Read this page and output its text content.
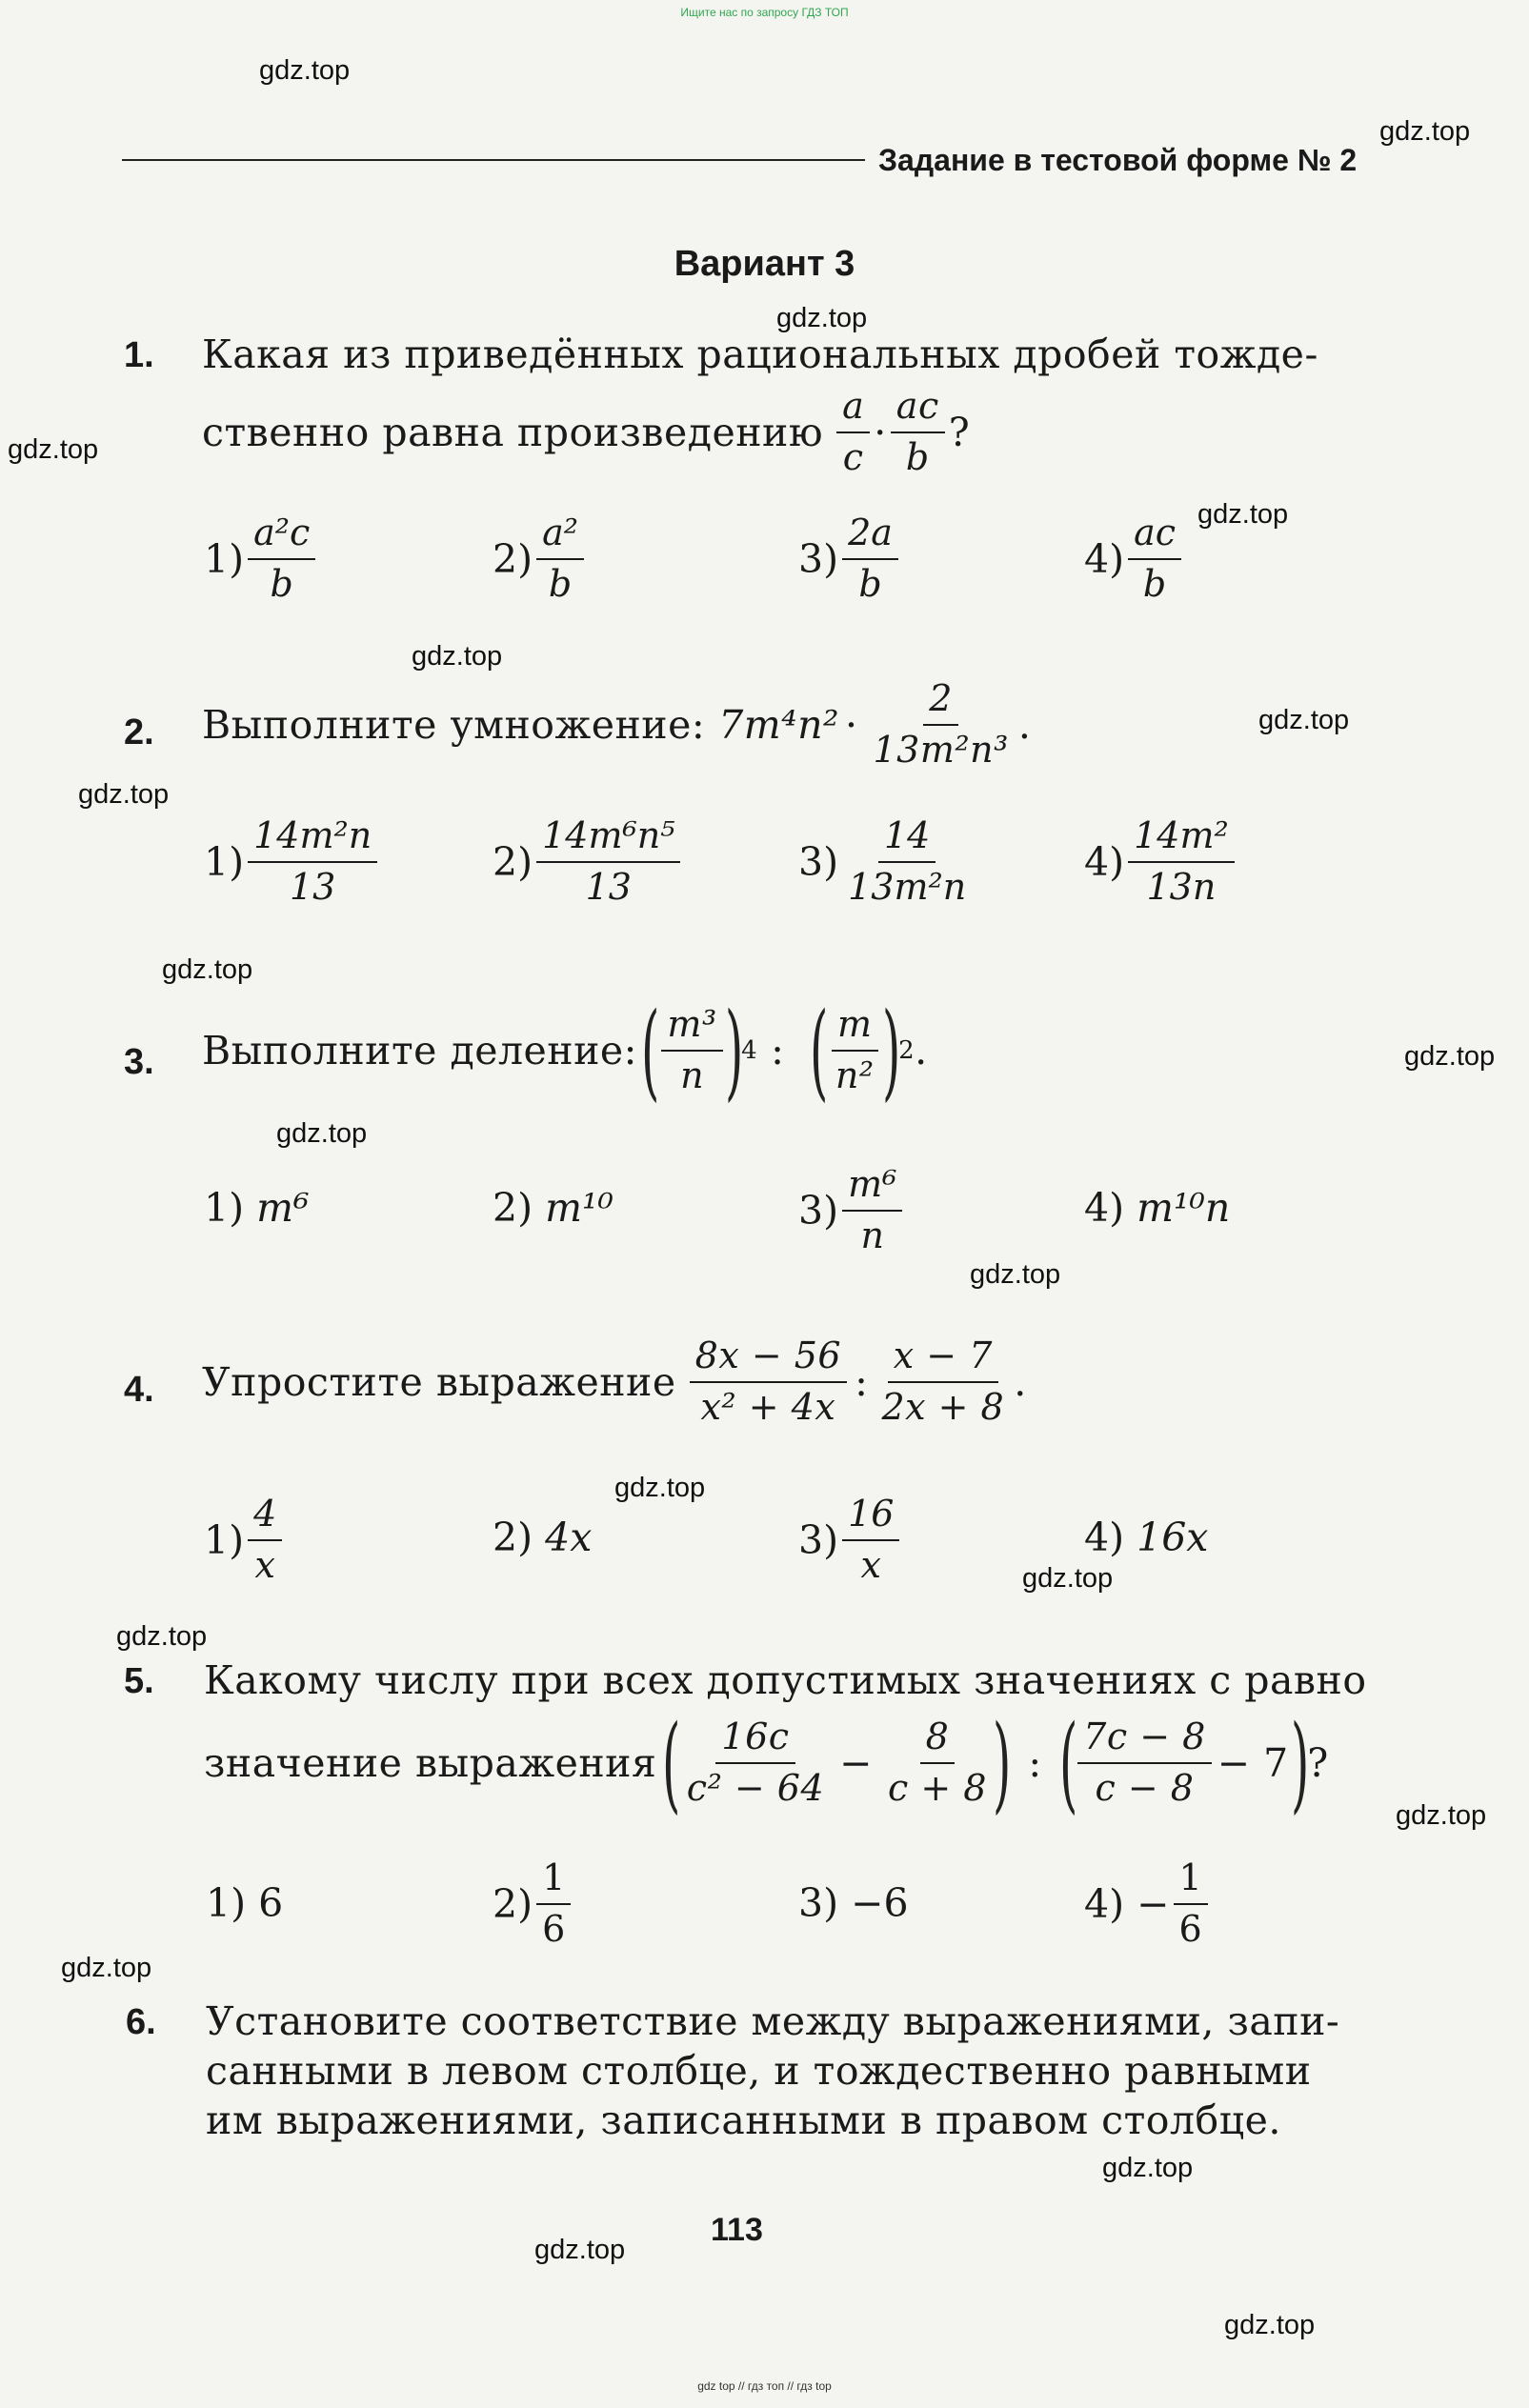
Ищите нас по запросу ГДЗ ТОП
gdz top // гдз топ // гдз top
gdz.top
gdz.top
gdz.top
gdz.top
gdz.top
gdz.top
gdz.top
gdz.top
gdz.top
gdz.top
gdz.top
gdz.top
gdz.top
gdz.top
gdz.top
gdz.top
gdz.top
gdz.top
gdz.top
gdz.top
Задание в тестовой форме № 2
Вариант 3
1. Какая из приведённых рациональных дробей тожде-
ственно равна произведению $\frac{a}{c} \cdot \frac{ac}{b}$ ?
$1) \frac{\text{a²c}}{b}$	$2) \frac{\text{a²}}{b}$	$3) \frac{2a}{b}$	$4) \frac{ac}{b}$
2. Выполните умножение: $7m^4n^2 \cdot \frac{2}{\text{13m²n³}}$ .
$1) \frac{\text{14m²n}}{13}$	$2) \frac{\text{14m⁶n⁵}}{13}$	$3) \frac{14}{\text{13m²n}}$	$4) \frac{\text{14m²}}{13n}$
3. Выполните деление: ( $\frac{\text{m³}}{n}$ )
4 : ( $\frac{m}{\text{n²}}$ )
2 .
1)
m⁶	2)
m¹⁰	$3) \frac{\text{m⁶}}{n}$	4)
m¹⁰n
4. Упростите выражение $\frac{8x - 56}{\text{x² + 4x}}$ : $\frac{x - 7}{2x + 8}$ .
$1) \frac{4}{x}$	2)
4x	$3) \frac{16}{x}$	4)
16x
5. Какому числу при всех допустимых значениях c равно
значение выражения ( $\frac{16c}{\text{c² − 64}} - \frac{8}{c + 8}$ ) : ( $\frac{7c - 8}{c - 8} - 7$ )
?
1)
6	$2) \frac{1}{6}$	3)
−6	4)
− $\frac{1}{6}$
6. Установите соответствие между выражениями, запи-
санными в левом столбце, и тождественно равными
им выражениями, записанными в правом столбце.
113
